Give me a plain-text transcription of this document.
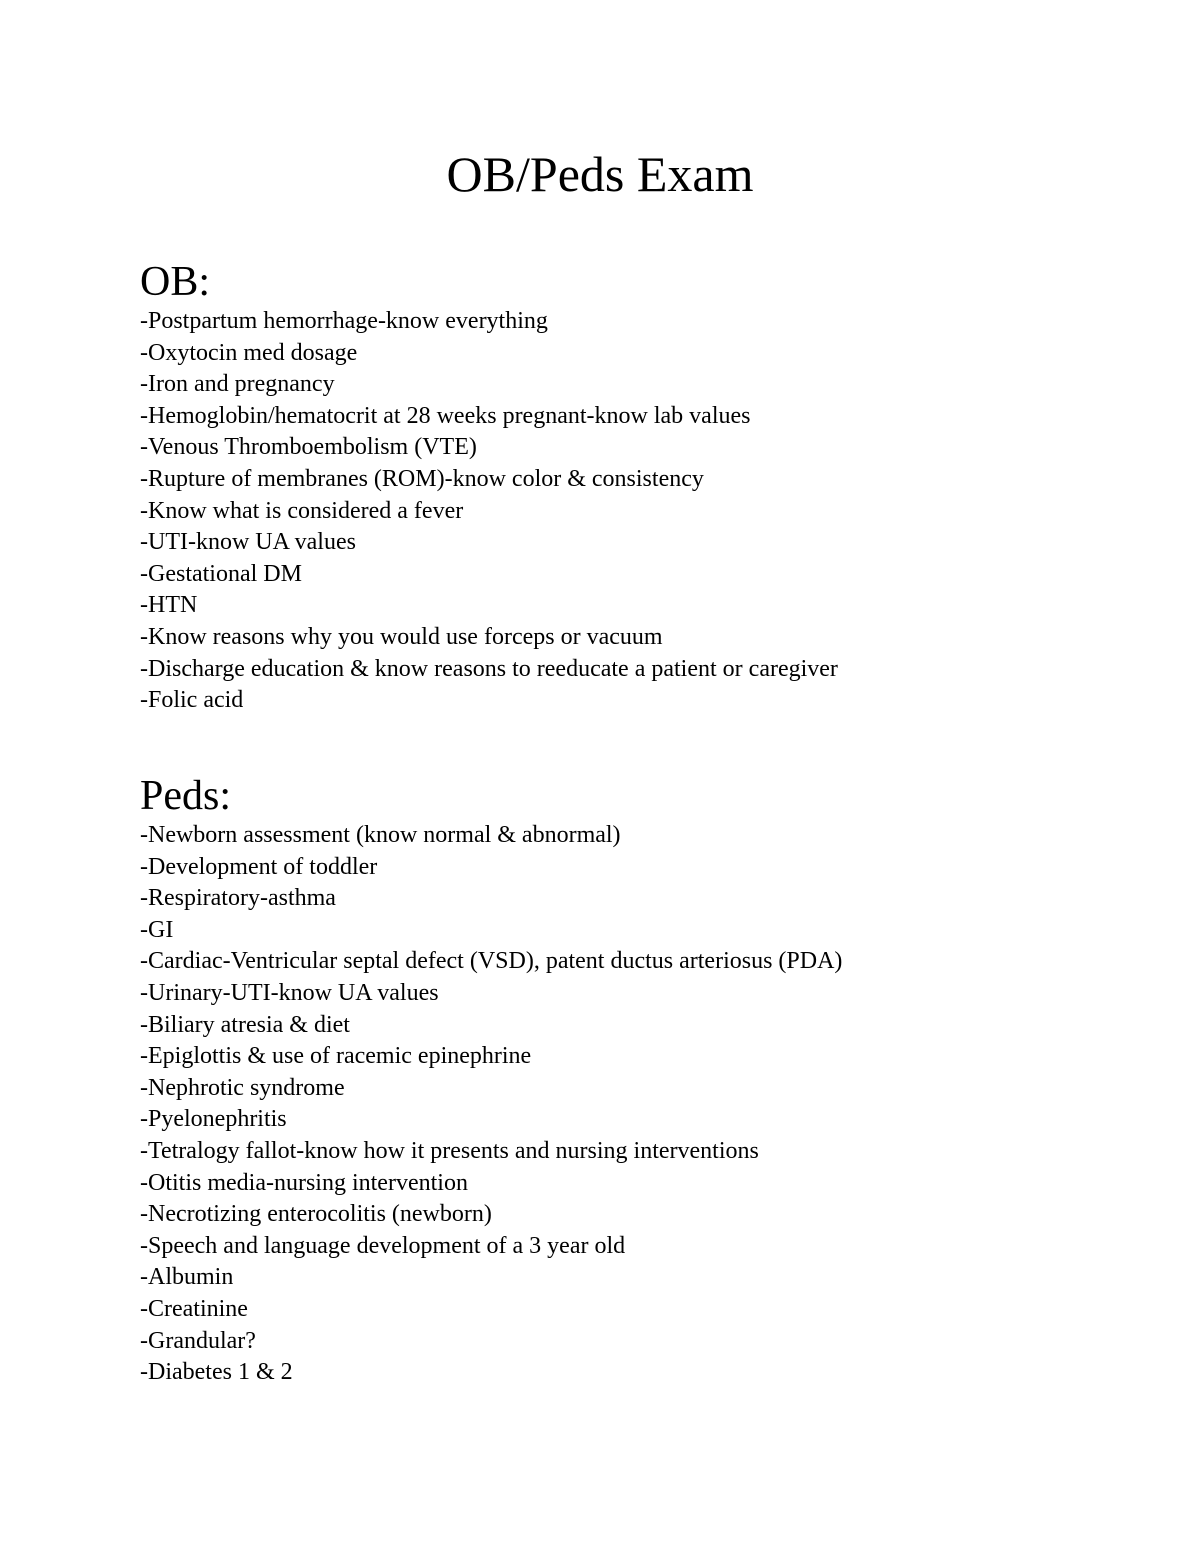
OB/Peds Exam
OB:
-Postpartum hemorrhage-know everything
-Oxytocin med dosage
-Iron and pregnancy
-Hemoglobin/hematocrit at 28 weeks pregnant-know lab values
-Venous Thromboembolism (VTE)
-Rupture of membranes (ROM)-know color & consistency
-Know what is considered a fever
-UTI-know UA values
-Gestational DM
-HTN
-Know reasons why you would use forceps or vacuum
-Discharge education & know reasons to reeducate a patient or caregiver
-Folic acid
Peds:
-Newborn assessment (know normal & abnormal)
-Development of toddler
-Respiratory-asthma
-GI
-Cardiac-Ventricular septal defect (VSD), patent ductus arteriosus (PDA)
-Urinary-UTI-know UA values
-Biliary atresia & diet
-Epiglottis & use of racemic epinephrine
-Nephrotic syndrome
-Pyelonephritis
-Tetralogy fallot-know how it presents and nursing interventions
-Otitis media-nursing intervention
-Necrotizing enterocolitis (newborn)
-Speech and language development of a 3 year old
-Albumin
-Creatinine
-Grandular?
-Diabetes 1 & 2
